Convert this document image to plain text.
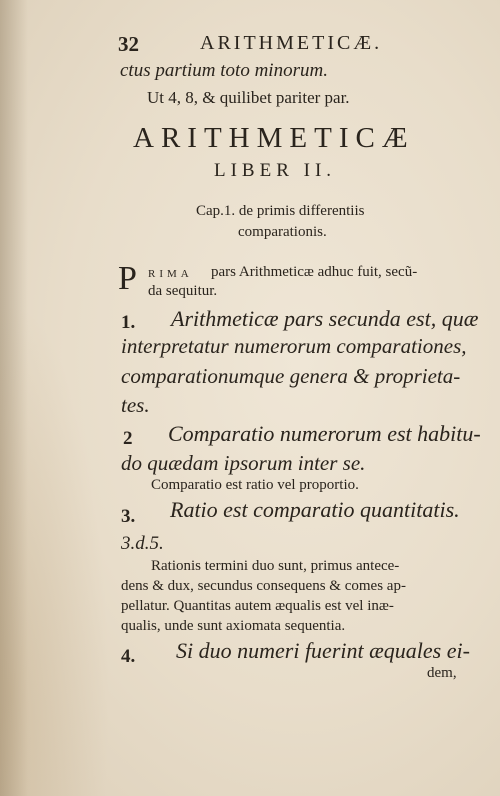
32	ARITHMETICÆ.
ctus partium toto minorum.
Ut 4, 8, & quilibet pariter par.
ARITHMETICÆ
LIBER II.
Cap.1. de primis differentiis
comparationis.
P RIMA pars Arithmeticæ adhuc fuit, secũ-
da sequitur.
1. Arithmeticæ pars secunda est, quæ
interpretatur numerorum comparationes,
comparationumque genera & proprieta-
tes.
2 Comparatio numerorum est habitu-
do quædam ipsorum inter se.
Comparatio est ratio vel proportio.
3. Ratio est comparatio quantitatis.
3.d.5.
Rationis termini duo sunt, primus antece-
dens & dux, secundus consequens & comes ap-
pellatur. Quantitas autem æqualis est vel inæ-
qualis, unde sunt axiomata sequentia.
4. Si duo numeri fuerint æquales ei-
dem,
